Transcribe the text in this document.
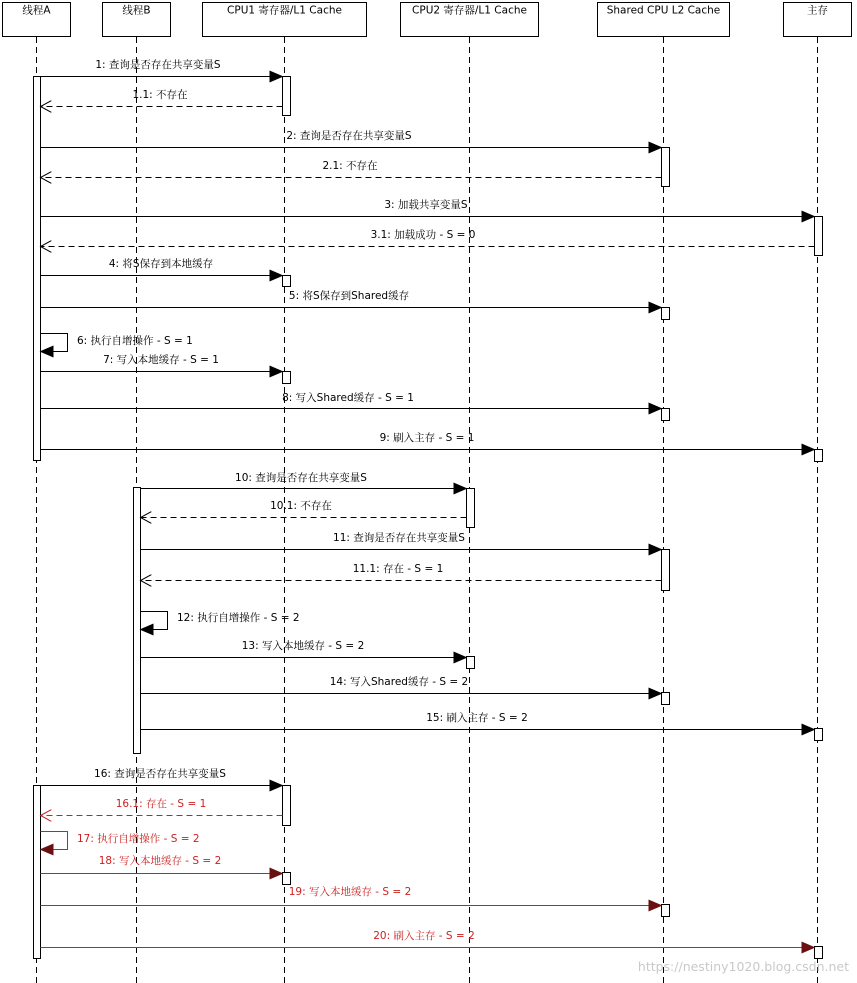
线程A	线程B	CPU1 寄存器/L1 Cache	CPU2 寄存器/L1 Cache	Shared CPU L2 Cache	主存
1: 查询是否存在共享变量S
1.1: 不存在
2: 查询是否存在共享变量S
2.1: 不存在
3: 加载共享变量S
3.1: 加载成功 - S = 0
4: 将S保存到本地缓存
5: 将S保存到Shared缓存
6: 执行自增操作 - S = 1
7: 写入本地缓存 - S = 1
8: 写入Shared缓存 - S = 1
9: 刷入主存 - S = 1
10: 查询是否存在共享变量S
10.1: 不存在
11: 查询是否存在共享变量S
11.1: 存在 - S = 1
12: 执行自增操作 - S = 2
13: 写入本地缓存 - S = 2
14: 写入Shared缓存 - S = 2
15: 刷入主存 - S = 2
16: 查询是否存在共享变量S
16.1: 存在 - S = 1
17: 执行自增操作 - S = 2
18: 写入本地缓存 - S = 2
19: 写入本地缓存 - S = 2
20: 刷入主存 - S = 2
https://nestiny1020.blog.csdn.net
